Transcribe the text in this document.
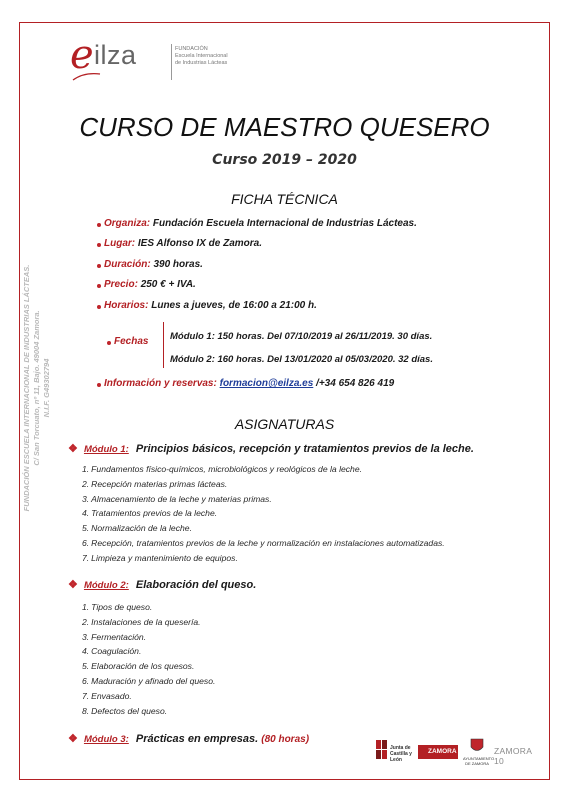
e ilza	FUNDACIÓN
Escuela Internacional
de Industrias Lácteas
FUNDACIÓN ESCUELA INTERNACIONAL DE INDUSTRIAS LÁCTEAS. C/ San Torcuato, nº 11, Bajo. 49004 Zamora. N.I.F. G49302794
CURSO DE MAESTRO QUESERO
Curso 2019 – 2020
FICHA TÉCNICA
Organiza: Fundación Escuela Internacional de Industrias Lácteas.
Lugar: IES Alfonso IX de Zamora.
Duración: 390 horas.
Precio: 250 € + IVA.
Horarios: Lunes a jueves, de 16:00 a 21:00 h.
Fechas Módulo 1: 150 horas. Del 07/10/2019 al 26/11/2019. 30 días.
Módulo 2: 160 horas. Del 13/01/2020 al 05/03/2020. 32 días.
Información y reservas: formacion@eilza.es /+34 654 826 419
ASIGNATURAS
❖ Módulo 1: Principios básicos, recepción y tratamientos previos de la leche.
1. Fundamentos físico-químicos, microbiológicos y reológicos de la leche.
2. Recepción materias primas lácteas.
3. Almacenamiento de la leche y materias primas.
4. Tratamientos previos de la leche.
5. Normalización de la leche.
6. Recepción, tratamientos previos de la leche y normalización en instalaciones automatizadas.
7. Limpieza y mantenimiento de equipos.
❖ Módulo 2: Elaboración del queso.
1. Tipos de queso.
2. Instalaciones de la quesería.
3. Fermentación.
4. Coagulación.
5. Elaboración de los quesos.
6. Maduración y afinado del queso.
7. Envasado.
8. Defectos del queso.
❖ Módulo 3: Prácticas en empresas. (80 horas)
Junta de Castilla y León
ZAMORA
AYUNTAMIENTO DE ZAMORA
ZAMORA 10
